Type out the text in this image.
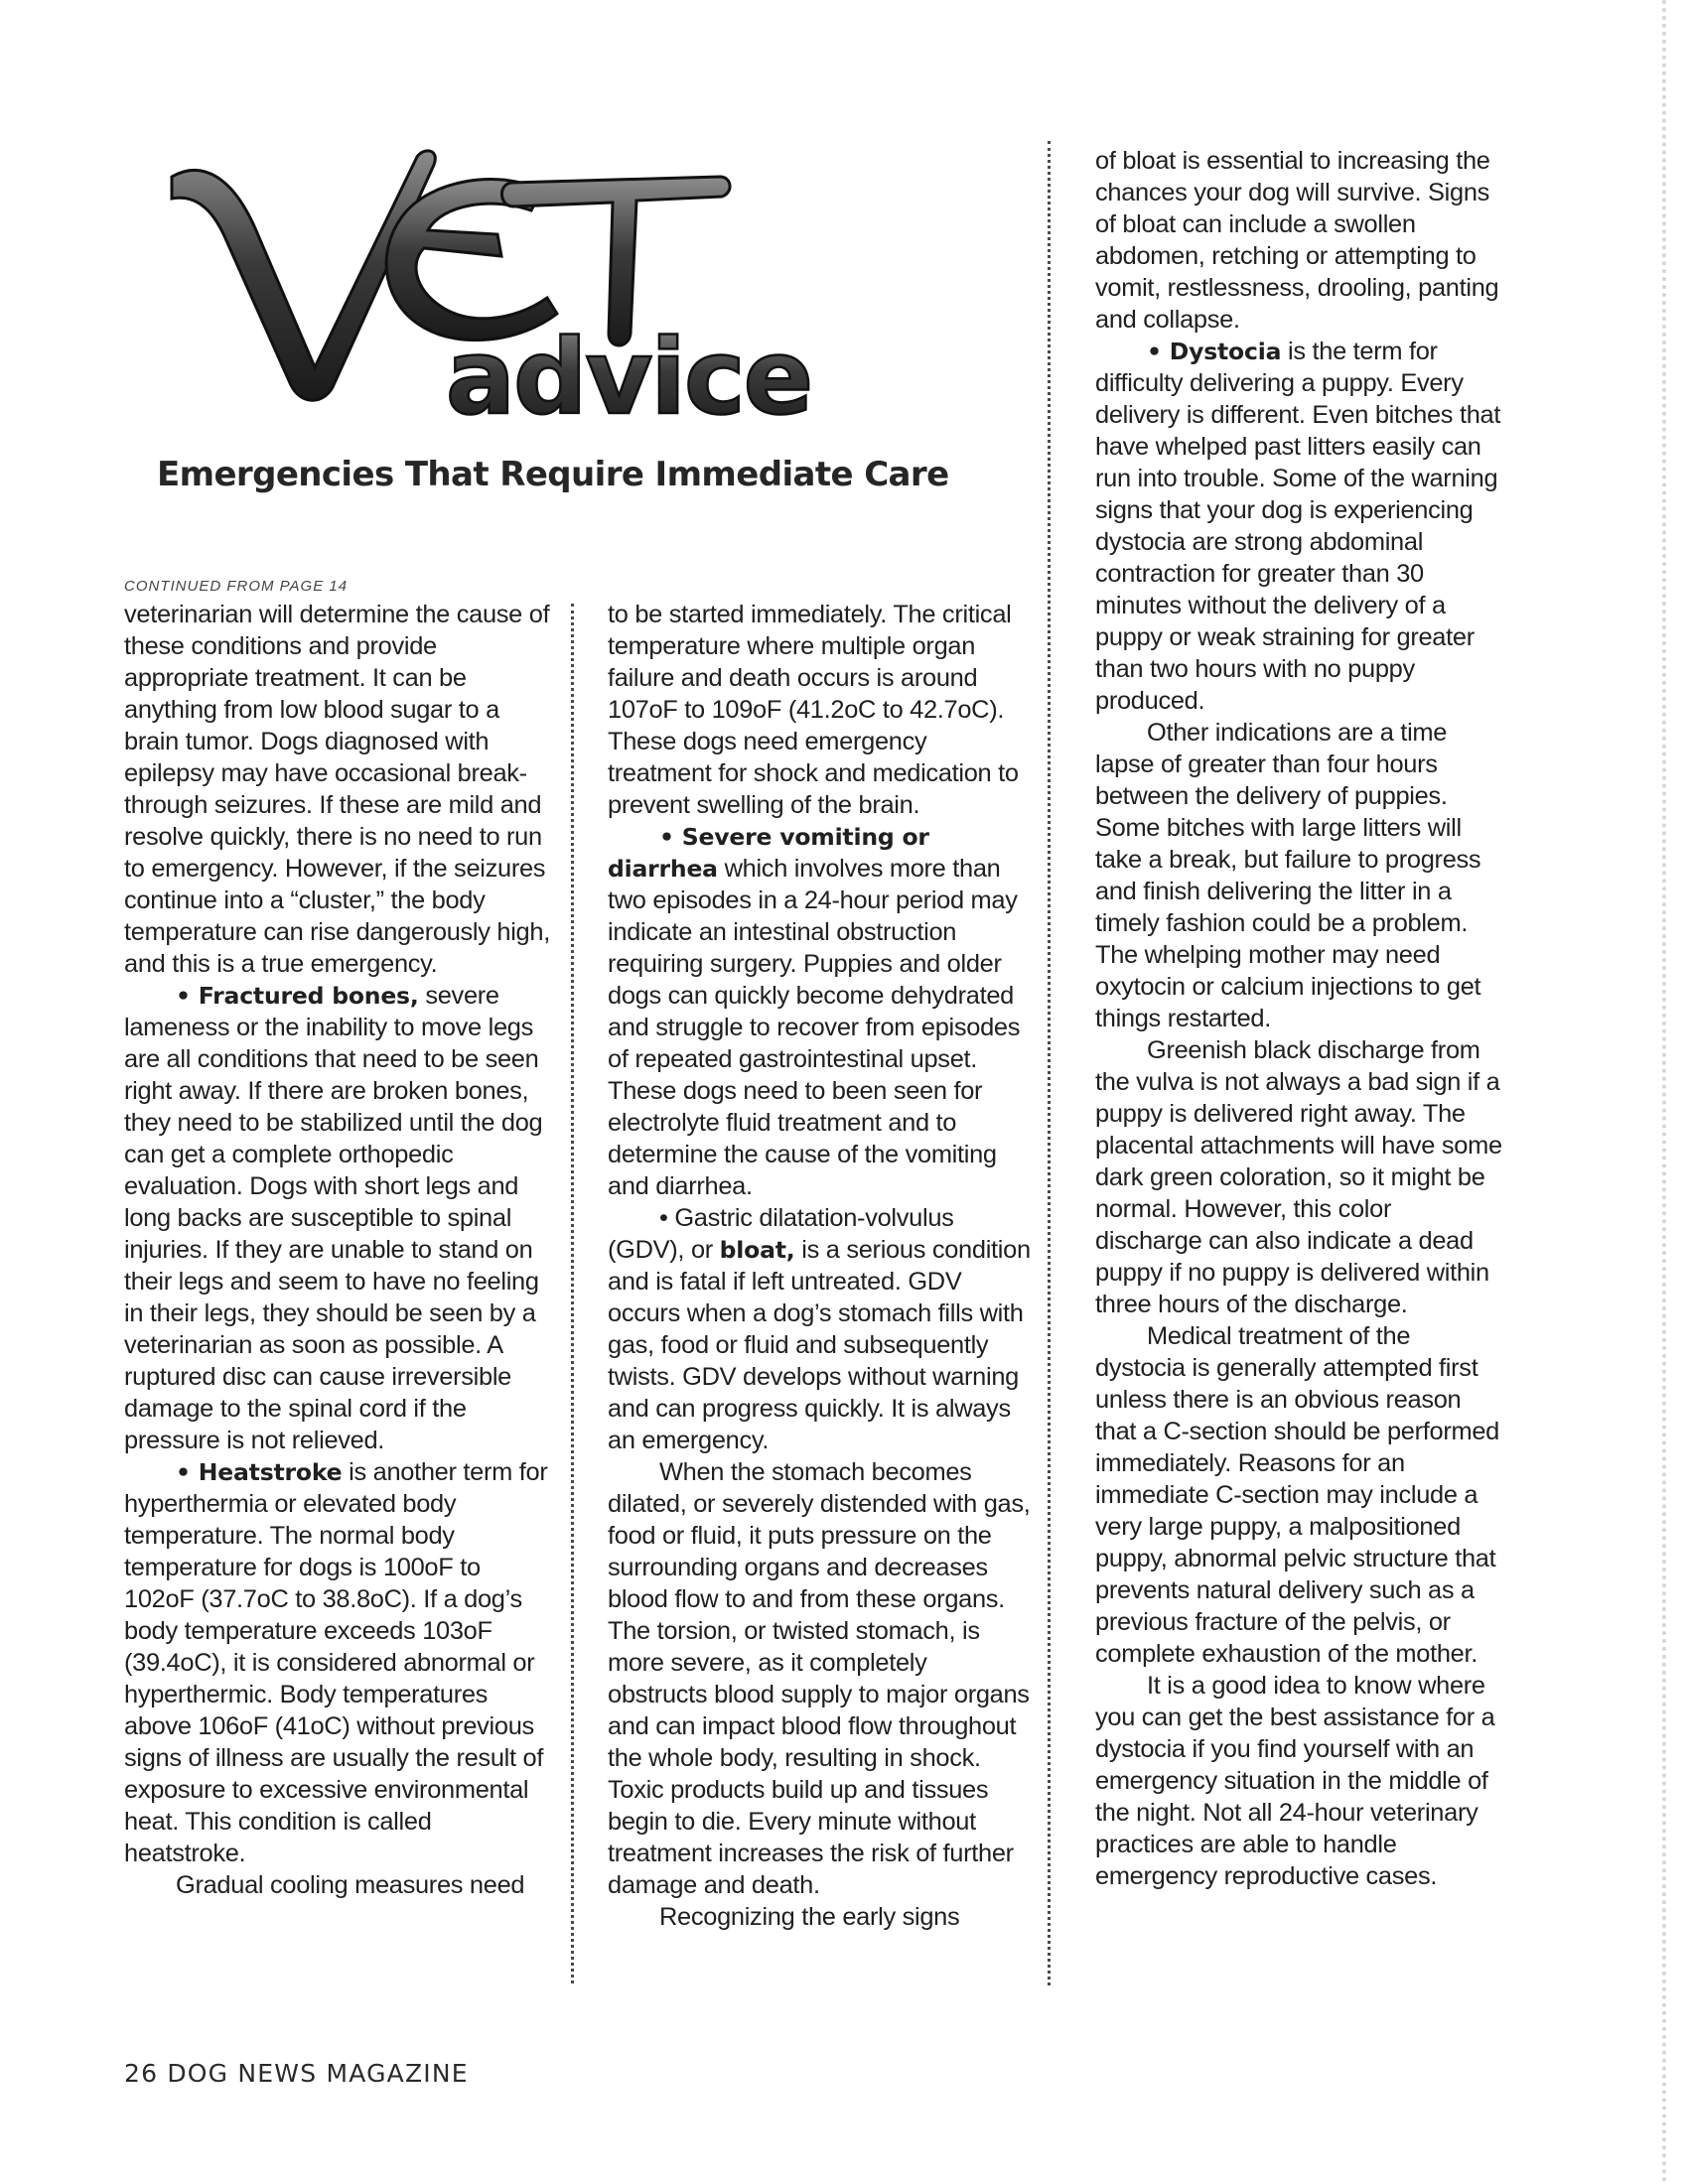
advice
VET
Emergencies That Require Immediate Care
CONTINUED FROM PAGE 14

veterinarian will determine the cause of these conditions and provide appropriate treatment. It can be anything from low blood sugar to a brain tumor. Dogs diagnosed with epilepsy may have occasional break-through seizures. If these are mild and resolve quickly, there is no need to run to emergency. However, if the seizures continue into a “cluster,” the body temperature can rise dangerously high, and this is a true emergency.

• Fractured bones, severe lameness or the inability to move legs are all conditions that need to be seen right away. If there are broken bones, they need to be stabilized until the dog can get a complete orthopedic evaluation. Dogs with short legs and long backs are susceptible to spinal injuries. If they are unable to stand on their legs and seem to have no feeling in their legs, they should be seen by a veterinarian as soon as possible. A ruptured disc can cause irreversible damage to the spinal cord if the pressure is not relieved.

• Heatstroke is another term for hyperthermia or elevated body temperature. The normal body temperature for dogs is 100oF to 102oF (37.7oC to 38.8oC). If a dog’s body temperature exceeds 103oF (39.4oC), it is considered abnormal or hyperthermic. Body temperatures above 106oF (41oC) without previous signs of illness are usually the result of exposure to excessive environmental heat. This condition is called heatstroke.

Gradual cooling measures need

to be started immediately. The critical temperature where multiple organ failure and death occurs is around 107oF to 109oF (41.2oC to 42.7oC). These dogs need emergency treatment for shock and medication to prevent swelling of the brain.

• Severe vomiting or diarrhea which involves more than two episodes in a 24-hour period may indicate an intestinal obstruction requiring surgery. Puppies and older dogs can quickly become dehydrated and struggle to recover from episodes of repeated gastrointestinal upset. These dogs need to been seen for electrolyte fluid treatment and to determine the cause of the vomiting and diarrhea.

• Gastric dilatation-volvulus (GDV), or bloat, is a serious condition and is fatal if left untreated. GDV occurs when a dog’s stomach fills with gas, food or fluid and subsequently twists. GDV develops without warning and can progress quickly. It is always an emergency.

When the stomach becomes dilated, or severely distended with gas, food or fluid, it puts pressure on the surrounding organs and decreases blood flow to and from these organs. The torsion, or twisted stomach, is more severe, as it completely obstructs blood supply to major organs and can impact blood flow throughout the whole body, resulting in shock. Toxic products build up and tissues begin to die. Every minute without treatment increases the risk of further damage and death.

Recognizing the early signs

of bloat is essential to increasing the chances your dog will survive. Signs of bloat can include a swollen abdomen, retching or attempting to vomit, restlessness, drooling, panting and collapse.

• Dystocia is the term for difficulty delivering a puppy. Every delivery is different. Even bitches that have whelped past litters easily can run into trouble. Some of the warning signs that your dog is experiencing dystocia are strong abdominal contraction for greater than 30 minutes without the delivery of a puppy or weak straining for greater than two hours with no puppy produced.

Other indications are a time lapse of greater than four hours between the delivery of puppies. Some bitches with large litters will take a break, but failure to progress and finish delivering the litter in a timely fashion could be a problem. The whelping mother may need oxytocin or calcium injections to get things restarted.

Greenish black discharge from the vulva is not always a bad sign if a puppy is delivered right away. The placental attachments will have some dark green coloration, so it might be normal. However, this color discharge can also indicate a dead puppy if no puppy is delivered within three hours of the discharge.

Medical treatment of the dystocia is generally attempted first unless there is an obvious reason that a C-section should be performed immediately. Reasons for an immediate C-section may include a very large puppy, a malpositioned puppy, abnormal pelvic structure that prevents natural delivery such as a previous fracture of the pelvis, or complete exhaustion of the mother.

It is a good idea to know where you can get the best assistance for a dystocia if you find yourself with an emergency situation in the middle of the night. Not all 24-hour veterinary practices are able to handle emergency reproductive cases.

26 DOG NEWS MAGAZINE
